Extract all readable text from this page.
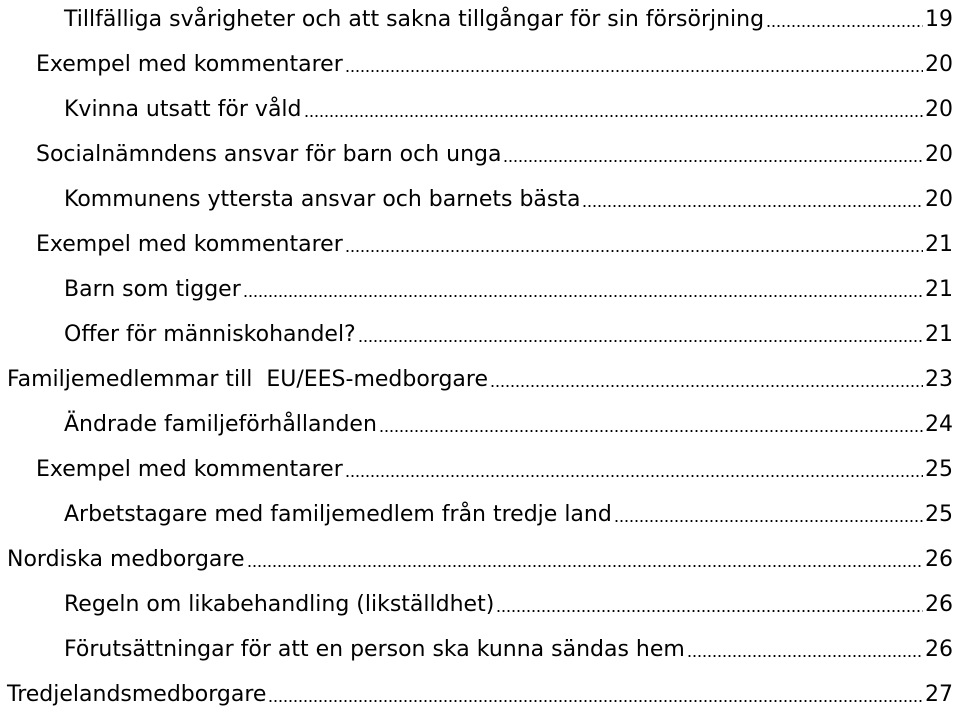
Tillfälliga svårigheter och att sakna tillgångar för sin försörjning	19
Exempel med kommentarer	20
Kvinna utsatt för våld	20
Socialnämndens ansvar för barn och unga	20
Kommunens yttersta ansvar och barnets bästa	20
Exempel med kommentarer	21
Barn som tigger	21
Offer för människohandel?	21
Familjemedlemmar till  EU/EES-medborgare	23
Ändrade familjeförhållanden	24
Exempel med kommentarer	25
Arbetstagare med familjemedlem från tredje land	25
Nordiska medborgare	26
Regeln om likabehandling (likställdhet)	26
Förutsättningar för att en person ska kunna sändas hem	26
Tredjelandsmedborgare	27
